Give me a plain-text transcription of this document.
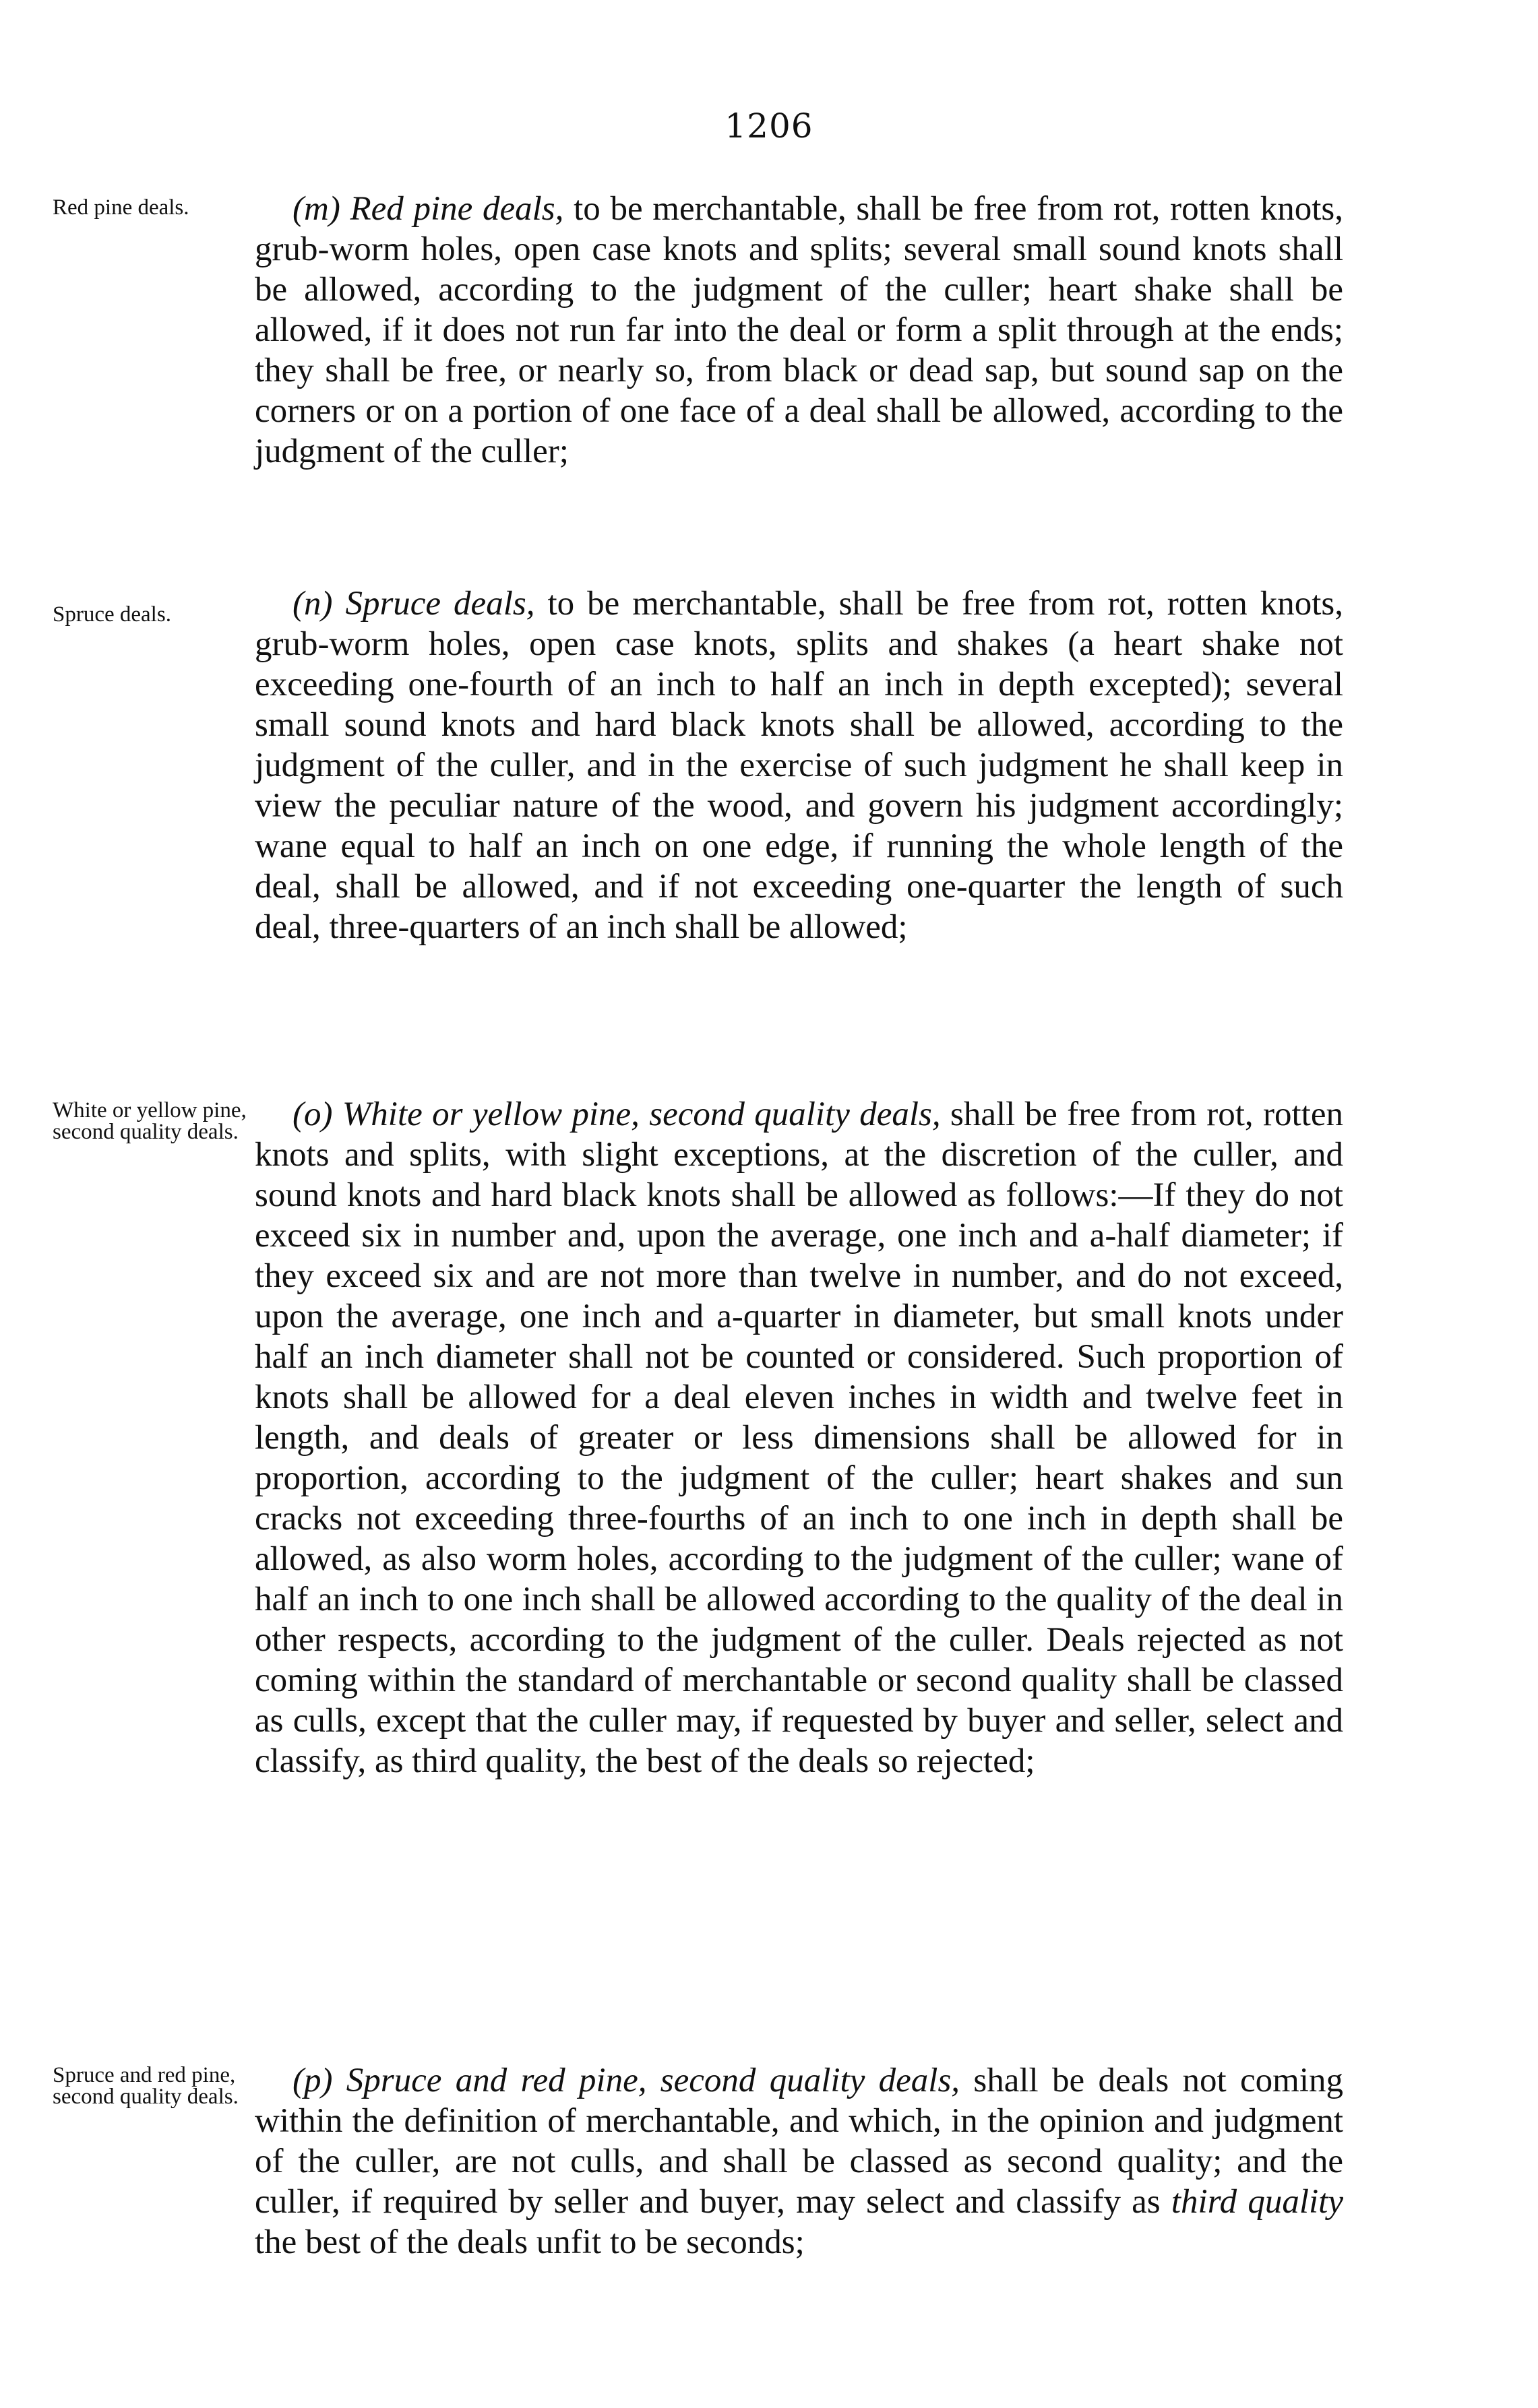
1206
Red pine deals.	(m) Red pine deals, to be merchantable, shall be free from rot, rotten knots, grub-worm holes, open case knots and splits; several small sound knots shall be allowed, according to the judgment of the culler; heart shake shall be allowed, if it does not run far into the deal or form a split through at the ends; they shall be free, or nearly so, from black or dead sap, but sound sap on the corners or on a portion of one face of a deal shall be allowed, according to the judgment of the culler;
Spruce deals.	(n) Spruce deals, to be merchantable, shall be free from rot, rotten knots, grub-worm holes, open case knots, splits and shakes (a heart shake not exceeding one-fourth of an inch to half an inch in depth excepted); several small sound knots and hard black knots shall be allowed, according to the judgment of the culler, and in the exercise of such judgment he shall keep in view the peculiar nature of the wood, and govern his judgment accordingly; wane equal to half an inch on one edge, if running the whole length of the deal, shall be allowed, and if not exceeding one-quarter the length of such deal, three-quarters of an inch shall be allowed;
White or yellow pine, second quality deals.	(o) White or yellow pine, second quality deals, shall be free from rot, rotten knots and splits, with slight exceptions, at the discretion of the culler, and sound knots and hard black knots shall be allowed as follows:—If they do not exceed six in number and, upon the average, one inch and a-half diameter; if they exceed six and are not more than twelve in number, and do not exceed, upon the average, one inch and a-quarter in diameter, but small knots under half an inch diameter shall not be counted or considered. Such proportion of knots shall be allowed for a deal eleven inches in width and twelve feet in length, and deals of greater or less dimensions shall be allowed for in proportion, according to the judgment of the culler; heart shakes and sun cracks not exceeding three-fourths of an inch to one inch in depth shall be allowed, as also worm holes, according to the judgment of the culler; wane of half an inch to one inch shall be allowed according to the quality of the deal in other respects, according to the judgment of the culler. Deals rejected as not coming within the standard of merchantable or second quality shall be classed as culls, except that the culler may, if requested by buyer and seller, select and classify, as third quality, the best of the deals so rejected;
Spruce and red pine, second quality deals.	(p) Spruce and red pine, second quality deals, shall be deals not coming within the definition of merchantable, and which, in the opinion and judgment of the culler, are not culls, and shall be classed as second quality; and the culler, if required by seller and buyer, may select and classify as third quality the best of the deals unfit to be seconds;
